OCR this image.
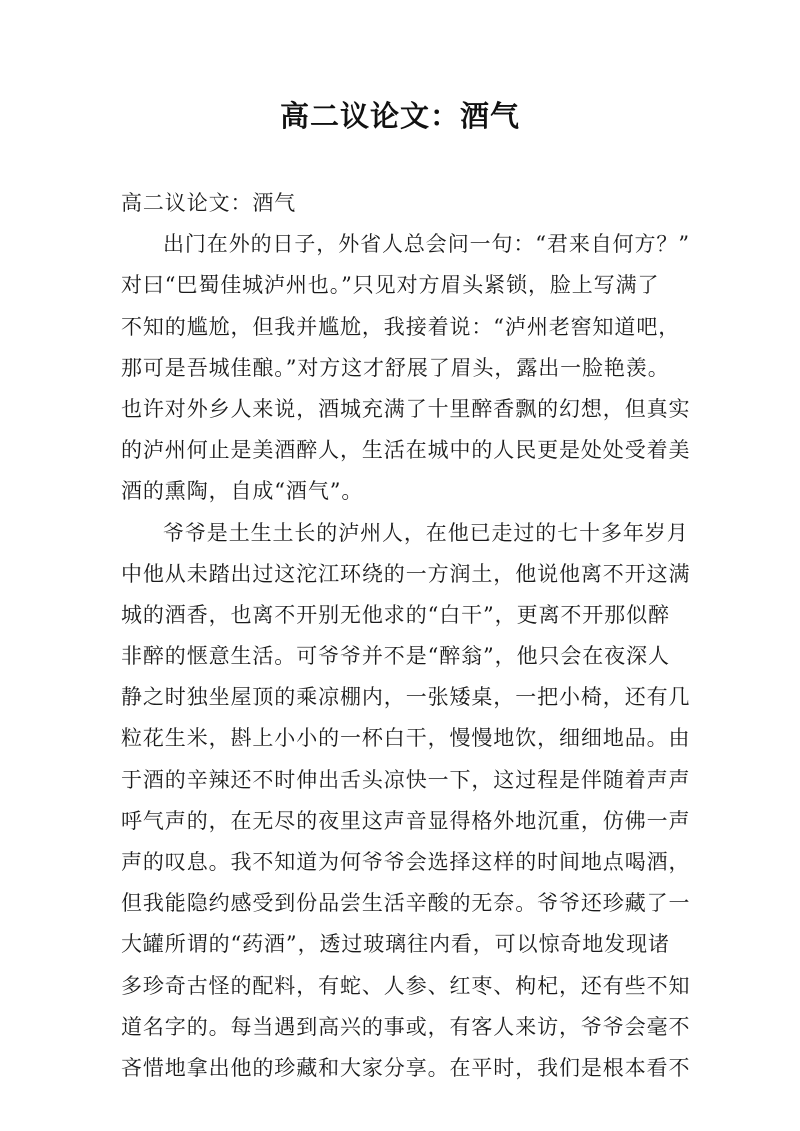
高二议论文：酒气
高二议论文：酒气
出门在外的日子，外省人总会问一句：“君来自何方？”
对曰“巴蜀佳城泸州也。”只见对方眉头紧锁，脸上写满了
不知的尴尬，但我并尴尬，我接着说：“泸州老窖知道吧，
那可是吾城佳酿。”对方这才舒展了眉头，露出一脸艳羡。
也许对外乡人来说，酒城充满了十里醉香飘的幻想，但真实
的泸州何止是美酒醉人，生活在城中的人民更是处处受着美
酒的熏陶，自成“酒气”。
爷爷是土生土长的泸州人，在他已走过的七十多年岁月
中他从未踏出过这沱江环绕的一方润土，他说他离不开这满
城的酒香，也离不开别无他求的“白干”，更离不开那似醉
非醉的惬意生活。可爷爷并不是“醉翁”，他只会在夜深人
静之时独坐屋顶的乘凉棚内，一张矮桌，一把小椅，还有几
粒花生米，斟上小小的一杯白干，慢慢地饮，细细地品。由
于酒的辛辣还不时伸出舌头凉快一下，这过程是伴随着声声
呼气声的，在无尽的夜里这声音显得格外地沉重，仿佛一声
声的叹息。我不知道为何爷爷会选择这样的时间地点喝酒，
但我能隐约感受到份品尝生活辛酸的无奈。爷爷还珍藏了一
大罐所谓的“药酒”，透过玻璃往内看，可以惊奇地发现诸
多珍奇古怪的配料，有蛇、人参、红枣、枸杞，还有些不知
道名字的。每当遇到高兴的事或，有客人来访，爷爷会毫不
吝惜地拿出他的珍藏和大家分享。在平时，我们是根本看不
